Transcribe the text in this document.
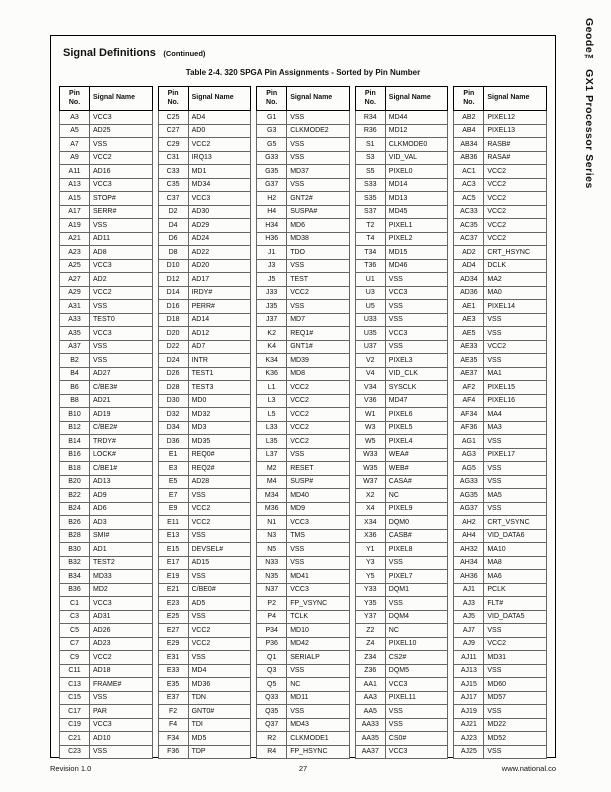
Geode™ GX1 Processor Series
Signal Definitions (Continued)
Table 2-4. 320 SPGA Pin Assignments - Sorted by Pin Number
Pin
No.	Signal Name
A3	VCC3
A5	AD25
A7	VSS
A9	VCC2
A11	AD16
A13	VCC3
A15	STOP#
A17	SERR#
A19	VSS
A21	AD11
A23	AD8
A25	VCC3
A27	AD2
A29	VCC2
A31	VSS
A33	TEST0
A35	VCC3
A37	VSS
B2	VSS
B4	AD27
B6	C/BE3#
B8	AD21
B10	AD19
B12	C/BE2#
B14	TRDY#
B16	LOCK#
B18	C/BE1#
B20	AD13
B22	AD9
B24	AD6
B26	AD3
B28	SMI#
B30	AD1
B32	TEST2
B34	MD33
B36	MD2
C1	VCC3
C3	AD31
C5	AD26
C7	AD23
C9	VCC2
C11	AD18
C13	FRAME#
C15	VSS
C17	PAR
C19	VCC3
C21	AD10
C23	VSS
Pin
No.	Signal Name
C25	AD4
C27	AD0
C29	VCC2
C31	IRQ13
C33	MD1
C35	MD34
C37	VCC3
D2	AD30
D4	AD29
D6	AD24
D8	AD22
D10	AD20
D12	AD17
D14	IRDY#
D16	PERR#
D18	AD14
D20	AD12
D22	AD7
D24	INTR
D26	TEST1
D28	TEST3
D30	MD0
D32	MD32
D34	MD3
D36	MD35
E1	REQ0#
E3	REQ2#
E5	AD28
E7	VSS
E9	VCC2
E11	VCC2
E13	VSS
E15	DEVSEL#
E17	AD15
E19	VSS
E21	C/BE0#
E23	AD5
E25	VSS
E27	VCC2
E29	VCC2
E31	VSS
E33	MD4
E35	MD36
E37	TDN
F2	GNT0#
F4	TDI
F34	MD5
F36	TDP
Pin
No.	Signal Name
G1	VSS
G3	CLKMODE2
G5	VSS
G33	VSS
G35	MD37
G37	VSS
H2	GNT2#
H4	SUSPA#
H34	MD6
H36	MD38
J1	TDO
J3	VSS
J5	TEST
J33	VCC2
J35	VSS
J37	MD7
K2	REQ1#
K4	GNT1#
K34	MD39
K36	MD8
L1	VCC2
L3	VCC2
L5	VCC2
L33	VCC2
L35	VCC2
L37	VSS
M2	RESET
M4	SUSP#
M34	MD40
M36	MD9
N1	VCC3
N3	TMS
N5	VSS
N33	VSS
N35	MD41
N37	VCC3
P2	FP_VSYNC
P4	TCLK
P34	MD10
P36	MD42
Q1	SERIALP
Q3	VSS
Q5	NC
Q33	MD11
Q35	VSS
Q37	MD43
R2	CLKMODE1
R4	FP_HSYNC
Pin
No.	Signal Name
R34	MD44
R36	MD12
S1	CLKMODE0
S3	VID_VAL
S5	PIXEL0
S33	MD14
S35	MD13
S37	MD45
T2	PIXEL1
T4	PIXEL2
T34	MD15
T36	MD46
U1	VSS
U3	VCC3
U5	VSS
U33	VSS
U35	VCC3
U37	VSS
V2	PIXEL3
V4	VID_CLK
V34	SYSCLK
V36	MD47
W1	PIXEL6
W3	PIXEL5
W5	PIXEL4
W33	WEA#
W35	WEB#
W37	CASA#
X2	NC
X4	PIXEL9
X34	DQM0
X36	CASB#
Y1	PIXEL8
Y3	VSS
Y5	PIXEL7
Y33	DQM1
Y35	VSS
Y37	DQM4
Z2	NC
Z4	PIXEL10
Z34	CS2#
Z36	DQM5
AA1	VCC3
AA3	PIXEL11
AA5	VSS
AA33	VSS
AA35	CS0#
AA37	VCC3
Pin
No.	Signal Name
AB2	PIXEL12
AB4	PIXEL13
AB34	RASB#
AB36	RASA#
AC1	VCC2
AC3	VCC2
AC5	VCC2
AC33	VCC2
AC35	VCC2
AC37	VCC2
AD2	CRT_HSYNC
AD4	DCLK
AD34	MA2
AD36	MA0
AE1	PIXEL14
AE3	VSS
AE5	VSS
AE33	VCC2
AE35	VSS
AE37	MA1
AF2	PIXEL15
AF4	PIXEL16
AF34	MA4
AF36	MA3
AG1	VSS
AG3	PIXEL17
AG5	VSS
AG33	VSS
AG35	MA5
AG37	VSS
AH2	CRT_VSYNC
AH4	VID_DATA6
AH32	MA10
AH34	MA8
AH36	MA6
AJ1	PCLK
AJ3	FLT#
AJ5	VID_DATA5
AJ7	VSS
AJ9	VCC2
AJ11	MD31
AJ13	VSS
AJ15	MD60
AJ17	MD57
AJ19	VSS
AJ21	MD22
AJ23	MD52
AJ25	VSS
Revision 1.0	27	www.national.co
